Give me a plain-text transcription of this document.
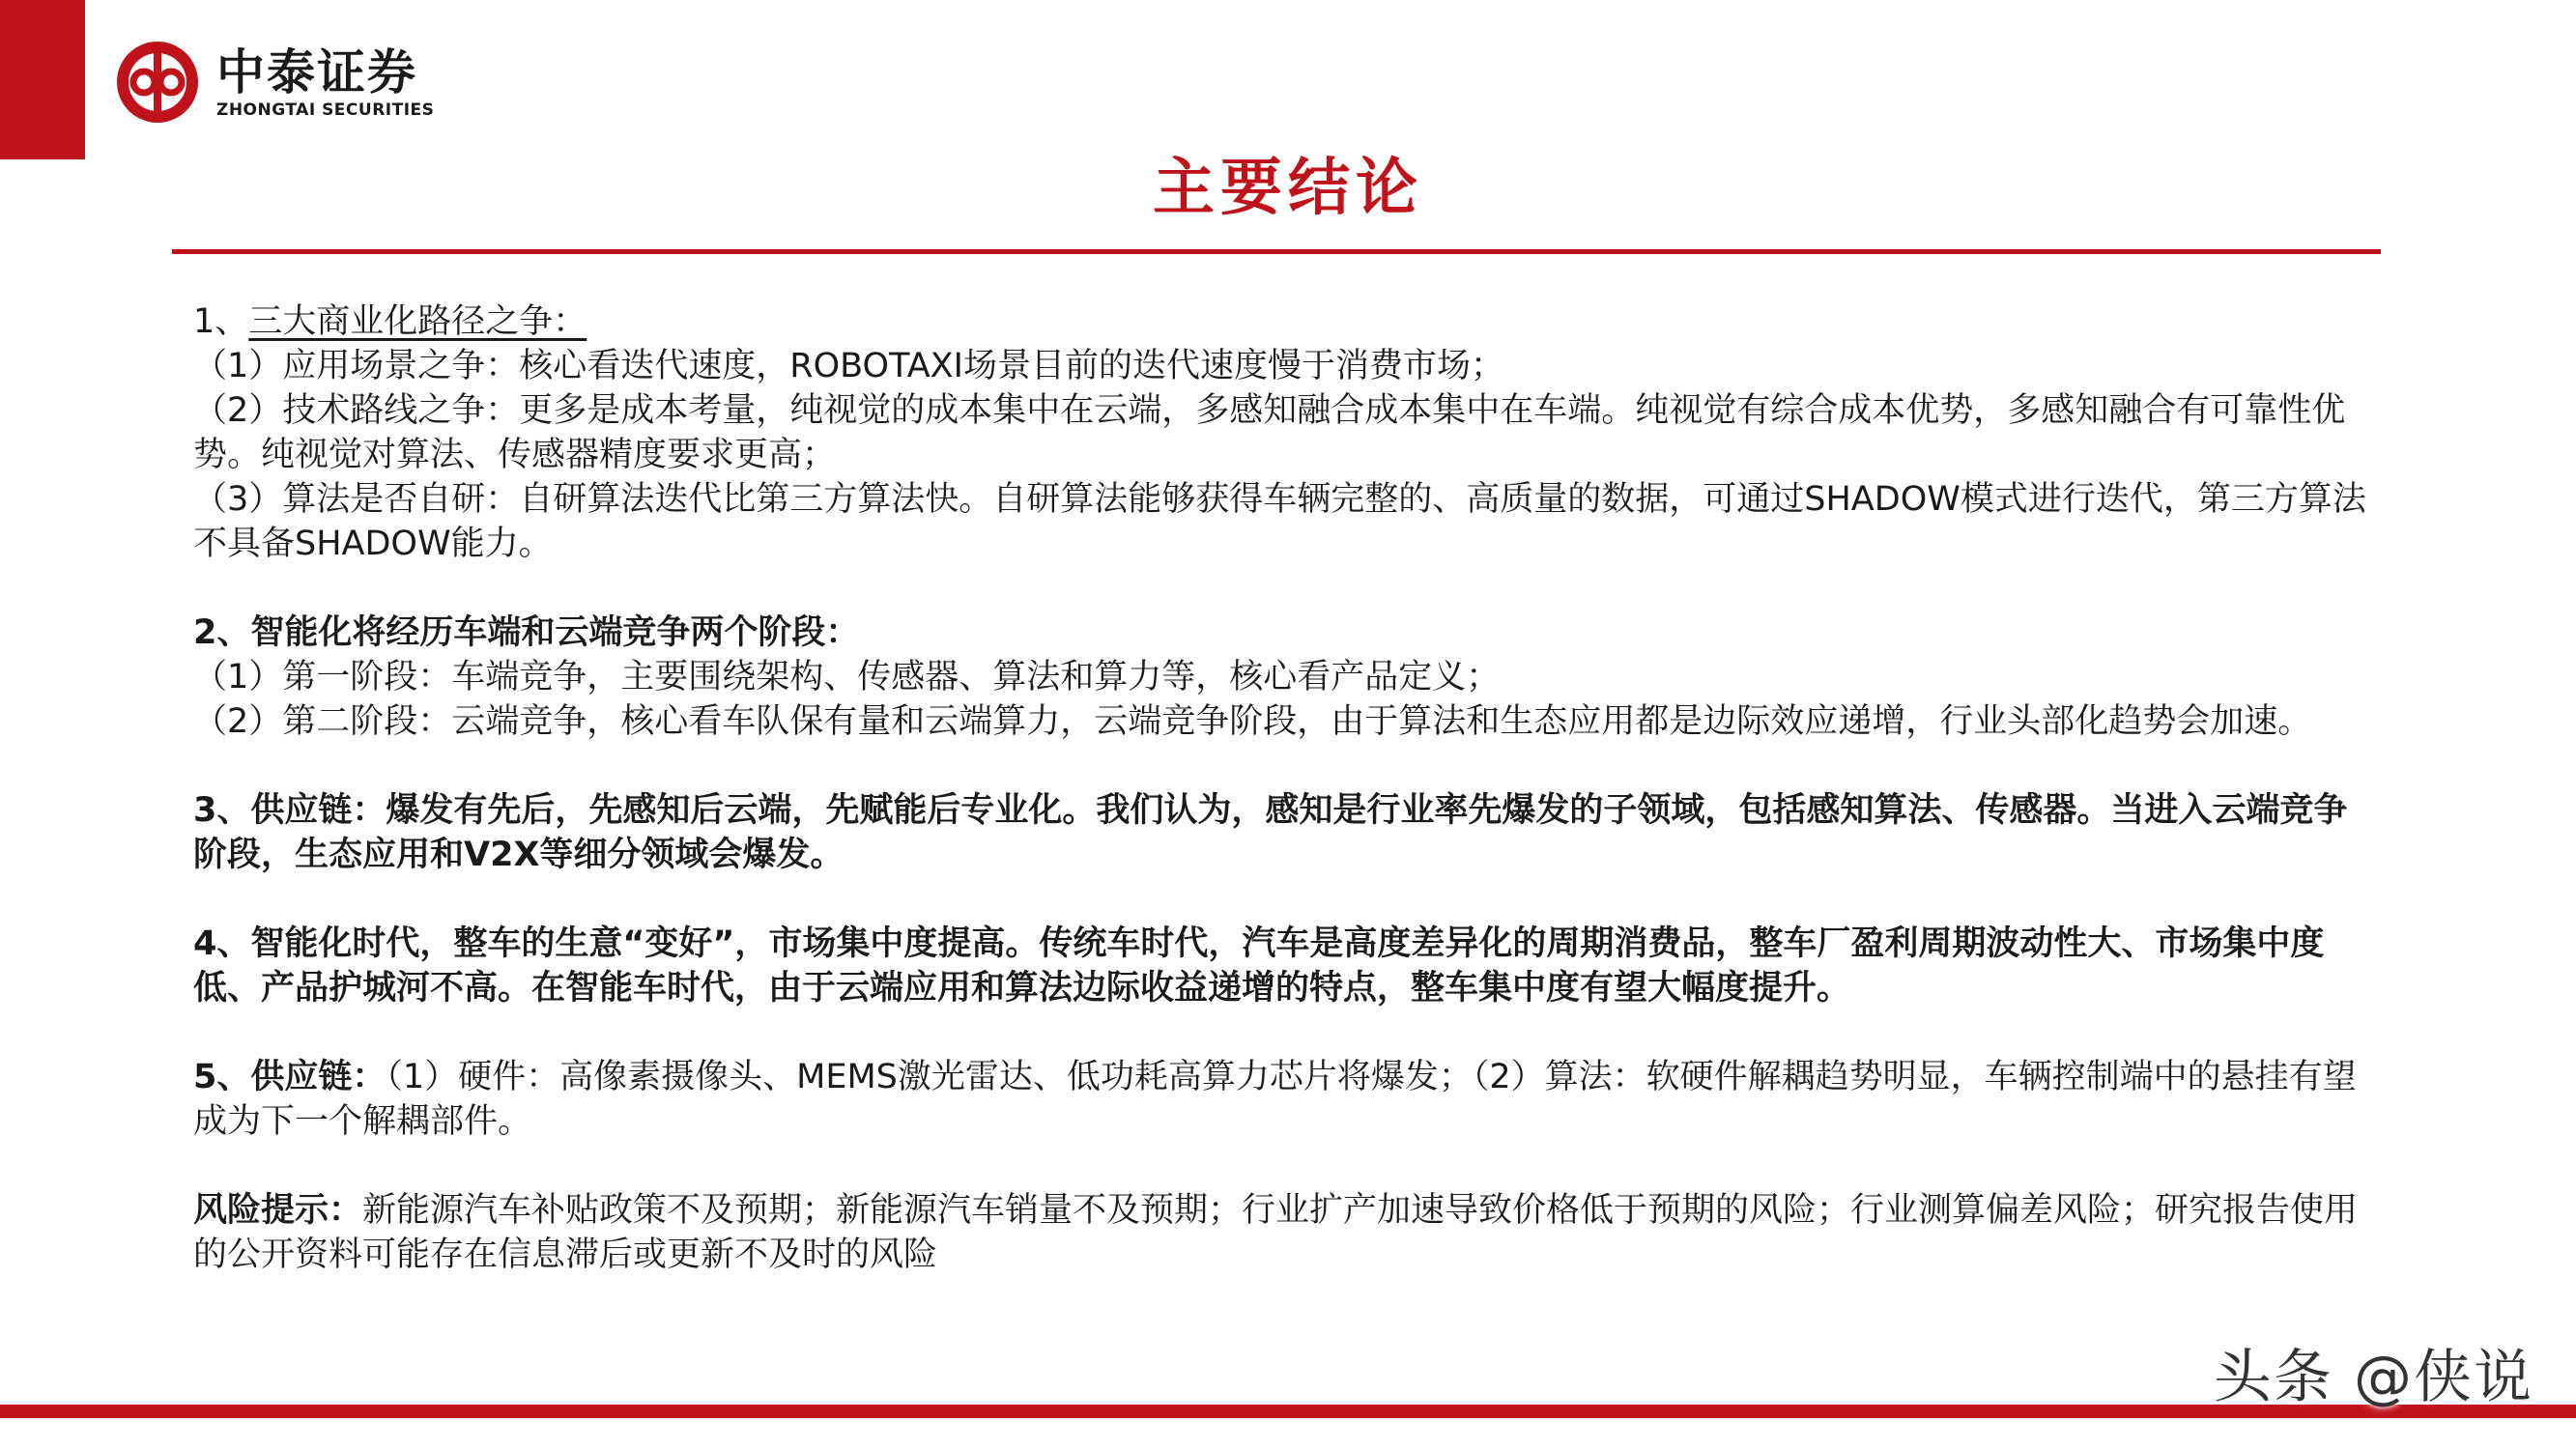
中泰证券
ZHONGTAI SECURITIES
主要结论

1、三大商业化路径之争：

（1）应用场景之争：核心看迭代速度，ROBOTAXI场景目前的迭代速度慢于消费市场；

（2）技术路线之争：更多是成本考量，纯视觉的成本集中在云端，多感知融合成本集中在车端。纯视觉有综合成本优势，多感知融合有可靠性优势。纯视觉对算法、传感器精度要求更高；

（3）算法是否自研：自研算法迭代比第三方算法快。自研算法能够获得车辆完整的、高质量的数据，可通过SHADOW模式进行迭代，第三方算法不具备SHADOW能力。

2、智能化将经历车端和云端竞争两个阶段：

（1）第一阶段：车端竞争，主要围绕架构、传感器、算法和算力等，核心看产品定义；

（2）第二阶段：云端竞争，核心看车队保有量和云端算力，云端竞争阶段，由于算法和生态应用都是边际效应递增，行业头部化趋势会加速。

3、供应链：爆发有先后，先感知后云端，先赋能后专业化。我们认为，感知是行业率先爆发的子领域，包括感知算法、传感器。当进入云端竞争阶段，生态应用和V2X等细分领域会爆发。

4、智能化时代，整车的生意“变好”，市场集中度提高。传统车时代，汽车是高度差异化的周期消费品，整车厂盈利周期波动性大、市场集中度低、产品护城河不高。在智能车时代，由于云端应用和算法边际收益递增的特点，整车集中度有望大幅度提升。

5、供应链：（1）硬件：高像素摄像头、MEMS激光雷达、低功耗高算力芯片将爆发；（2）算法：软硬件解耦趋势明显，车辆控制端中的悬挂有望成为下一个解耦部件。

风险提示：新能源汽车补贴政策不及预期；新能源汽车销量不及预期；行业扩产加速导致价格低于预期的风险；行业测算偏差风险；研究报告使用的公开资料可能存在信息滞后或更新不及时的风险

头条 @侠说
